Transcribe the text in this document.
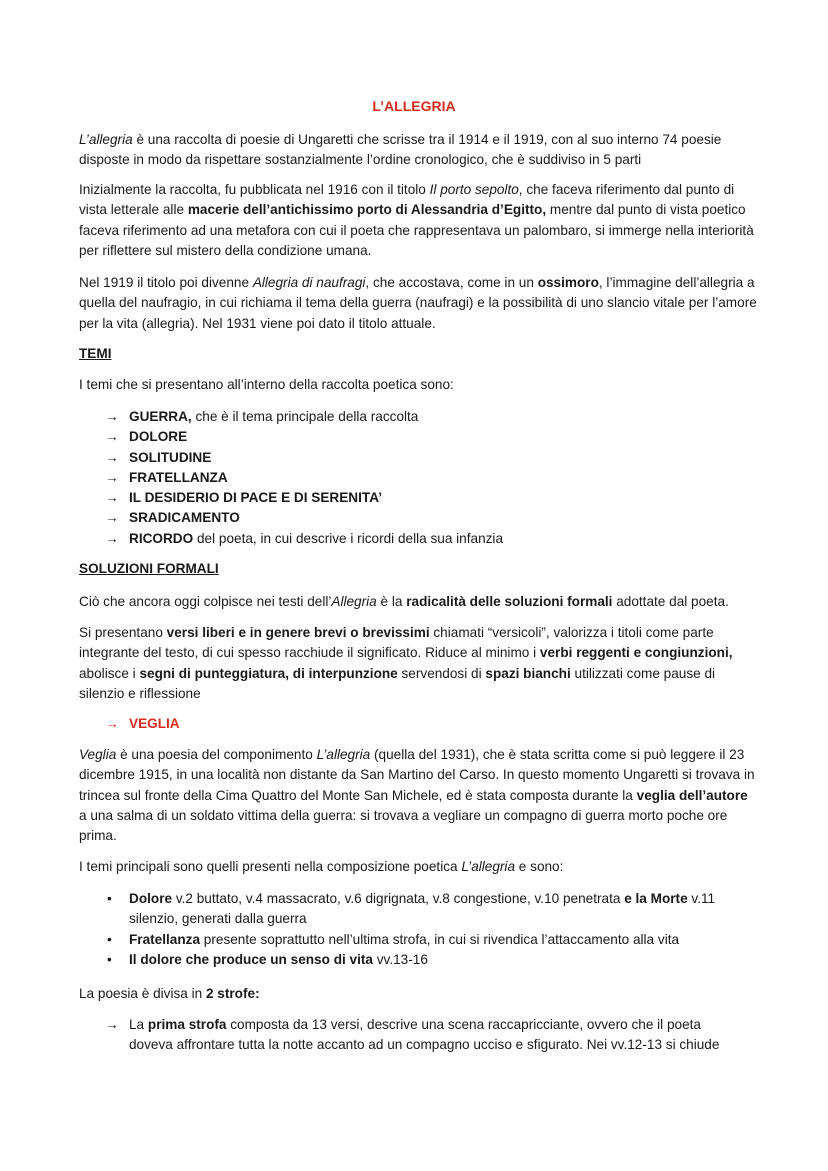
L’ALLEGRIA

L’allegria è una raccolta di poesie di Ungaretti che scrisse tra il 1914 e il 1919, con al suo interno 74 poesie disposte in modo da rispettare sostanzialmente l’ordine cronologico, che è suddiviso in 5 parti

Inizialmente la raccolta, fu pubblicata nel 1916 con il titolo Il porto sepolto, che faceva riferimento dal punto di vista letterale alle macerie dell’antichissimo porto di Alessandria d’Egitto, mentre dal punto di vista poetico faceva riferimento ad una metafora con cui il poeta che rappresentava un palombaro, si immerge nella interiorità per riflettere sul mistero della condizione umana.

Nel 1919 il titolo poi divenne Allegria di naufragi, che accostava, come in un ossimoro, l’immagine dell’allegria a quella del naufragio, in cui richiama il tema della guerra (naufragi) e la possibilità di uno slancio vitale per l’amore per la vita (allegria). Nel 1931 viene poi dato il titolo attuale.

TEMI

I temi che si presentano all’interno della raccolta poetica sono:

→ GUERRA, che è il tema principale della raccolta
→ DOLORE
→ SOLITUDINE
→ FRATELLANZA
→ IL DESIDERIO DI PACE E DI SERENITA’
→ SRADICAMENTO
→ RICORDO del poeta, in cui descrive i ricordi della sua infanzia
SOLUZIONI FORMALI

Ciò che ancora oggi colpisce nei testi dell’Allegria è la radicalità delle soluzioni formali adottate dal poeta.

Si presentano versi liberi e in genere brevi o brevissimi chiamati “versicoli”, valorizza i titoli come parte integrante del testo, di cui spesso racchiude il significato. Riduce al minimo i verbi reggenti e congiunzioni, abolisce i segni di punteggiatura, di interpunzione servendosi di spazi bianchi utilizzati come pause di silenzio e riflessione

→ VEGLIA

Veglia è una poesia del componimento L’allegria (quella del 1931), che è stata scritta come si può leggere il 23 dicembre 1915, in una località non distante da San Martino del Carso. In questo momento Ungaretti si trovava in trincea sul fronte della Cima Quattro del Monte San Michele, ed è stata composta durante la veglia dell’autore a una salma di un soldato vittima della guerra: si trovava a vegliare un compagno di guerra morto poche ore prima.

I temi principali sono quelli presenti nella composizione poetica L’allegria e sono:

• Dolore v.2 buttato, v.4 massacrato, v.6 digrignata, v.8 congestione, v.10 penetrata e la Morte v.11 silenzio, generati dalla guerra
• Fratellanza presente soprattutto nell’ultima strofa, in cui si rivendica l’attaccamento alla vita
• Il dolore che produce un senso di vita vv.13-16

La poesia è divisa in 2 strofe:

→ La prima strofa composta da 13 versi, descrive una scena raccapricciante, ovvero che il poeta doveva affrontare tutta la notte accanto ad un compagno ucciso e sfigurato. Nei vv.12-13 si chiude
